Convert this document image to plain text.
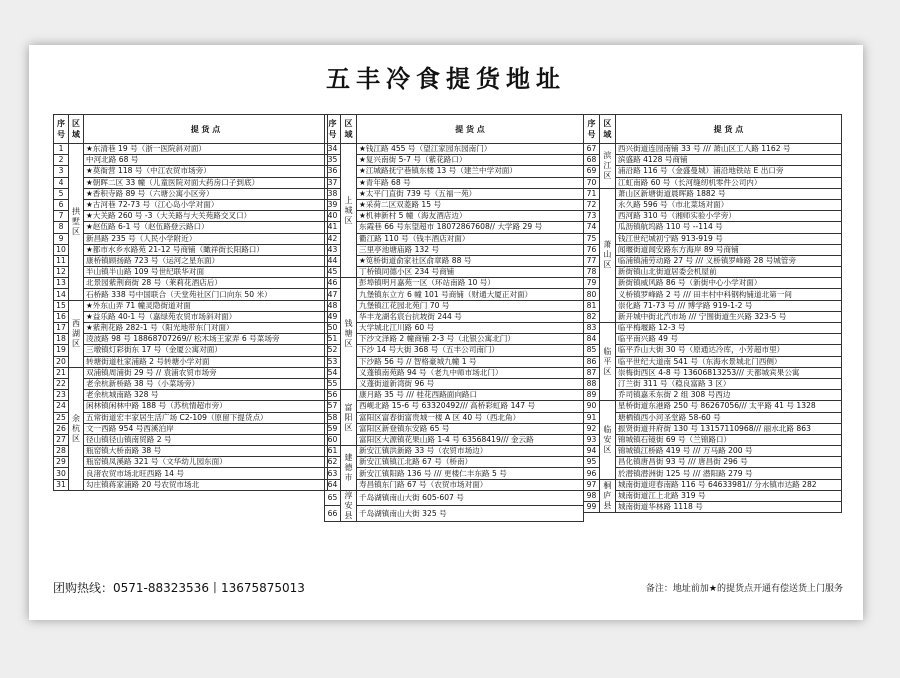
五丰冷食提货地址
序号	区域	提 货 点
1	拱墅区	★东清巷 19 号（浙一医院斜对面）
2		中河北路 68 号
3		★莫衙营 118 号（中江农贸市场旁）
4		★朝晖二区 33 幢（儿童医院对面大药房口子到底）
5		★香积寺路 89 号（六塘公寓小区旁）
6		★古河巷 72-73 号（江心岛小学对面）
7		★大关路 260 号 -3（大关路与大关苑路交叉口）
8		★赵伍路 6-1 号（赵伍路登云路口）
9		新昌路 235 号（人民小学附近）
10		★都市水乡水路苑 21-12 号商铺（瞰祥街长阳路口）
11		康桥镇顾扬路 723 号（运河之星东面）
12		半山镇半山路 109 号世纪联华对面
13		北景园紫荆商街 28 号（莱莉花酒店后）
14		石桥路 338 号中国联合（天堂苑社区门口向东 50 米）
15	西湖区	★外东山弄 71 幢灵隐街道对面
16		★益乐路 40-1 号（嘉绿苑农贸市场斜对面）
17		★紫荆花路 282-1 号（阳光地带东门对面）
18		凌波路 98 号 18868707269// 松木场王家弄 6 号菜场旁
19		三墩镇灯彩街东 17 号（金厦公寓对面）
20		转塘街道杜家浦路 2 号转塘小学对面
21	余杭区	双浦镇周浦街 29 号 // 袁浦农贸市场旁
22		老余杭新桥路 38 号（小菜场旁）
23		老余杭城南路 328 号
24		闲林镇闲林中路 188 号（苏杭情超市旁）
25		五常街道宏丰家居生活广场 C2-109（原留下提货点）
26		文一西路 954 号西溪泊岸
27		径山镇径山镇南贸路 2 号
28		瓶窑镇大桥南路 38 号
29		瓶窑镇凤溪路 321 号（文华幼儿园东面）
30		良渚农贸市场北旺西路 14 号
31		勾庄镇蒋家浦路 20 号农贸市场北
序号	区域	提 货 点
34	上城区	★钱江路 455 号（望江家园东园南门）
35		★复兴南街 5-7 号（紫花路口）
36		★江城路抚宁巷镇东楼 13 号（建兰中学对面）
37		★青年路 68 号
38		★太平门直街 739 号（五福一苑）
39		★采荷二区双菱路 15 号
40		★机神新村 5 幢（海友酒店边）
41		东霞巷 66 号东望超市 18072867608// 大学路 29 号
42		衢江路 110 号（钱丰酒店对面）
43		三里亭池塘庙路 132 号
44		★笕桥街道俞家社区俞章路 88 号
45		丁桥镇同德小区 234 号商铺
46	钱塘区	彭埠镇明月嘉苑一区（环站南路 10 号）
47		九堡镇东立方 6 幢 101 号商铺（财通大厦正对面）
48		九堡镇江花园北苑门 70 号
49		华丰龙湖名宸台抗坡街 244 号
50		大学城北江川路 60 号
51		下沙文泽路 2 幢商铺 2-3 号（北银公寓北门）
52		下沙 14 号大街 368 号（五丰公司南门）
53		下沙路 56 号 // 智格豪城九幢 1 号
54		义蓬镇南苑路 94 号（老九中师市场北门）
55		义蓬街道新湾街 96 号
56	富阳区	康月路 35 号 /// 桂花西路面向路口
57		西岘北路 15-6 号 63320492/// 高桥彩虹路 147 号
58		富阳区富春街富贵城一楼 A 区 40 号（西北角）
59		富阳区新登镇东安路 65 号
60		富阳区大源镇花果山路 1-4 号 63568419/// 金云路
61	建德市	新安江镇洪新路 33 号（农贸市场边）
62		新安江镇镇江北路 67 号（桥南）
63		新安江镇阳路 136 号 /// 更楼仁丰东路 5 号
64		寿昌镇东门路 67 号（农贸市场对面）
65	淳安县	千岛湖镇南山大街 605-607 号
66		千岛湖镇南山大街 325 号
序号	区域	提 货 点
67	滨江区	西兴街道连园南铺 33 号 /// 萧山区工人路 1162 号
68		滨盛路 4128 号商铺
69		浦沿路 116 号（金盛曼城）浦沿地铁站 E 出口旁
70		江虹南路 60 号（长河缝纫机零件公司内）
71	萧山区	萧山区新塘街道晨晖路 1882 号
72		永久路 596 号（市北菜场对面）
73		西河路 310 号（湘师实验小学旁）
74		瓜沥镇航坞路 110 号 --114 号
75		钱江世纪城初宁路 913-919 号
76		闻堰街道闻安路东方海岸 89 号商铺
77		临浦镇浦劳动路 27 号 /// 义桥镇罗峰路 28 号城管旁
78		新街镇山北街道居委会机屋前
79		新街镇威风路 86 号（新街中心小学对面）
80		义桥镇罗峰路 2 号 /// 田丰村中科钢构铺道北第一间
81		崇化路 71-73 号 /// 博学路 919-1-2 号
82		新开城中街北汽市场 /// 宁围街道生兴路 323-5 号
83	临平区	临平梅堰路 12-3 号
84		临平南兴路 49 号
85		临平乔山大街 30 号（原通达冷库，小芳超市里）
86		临平世纪大道南 541 号（东海水景城北门西侧）
87		崇梅街西区 4-8 号 13606813253/// 天都城宾果公寓
88		汀兰街 311 号（稳良富路 3 区）
89		乔司镇嘉禾东街 2 组 308 号西边
90	临安区	星桥街道东港路 250 号 86267056/// 太平路 41 号 1328
91		塘栖镇西小河圣堂路 58-60 号
92		振贤街道井府街 130 号 13157110968/// 丽水北路 863
93		锦城镇石镜街 69 号（兰锦路口）
94		锦城镇江桥路 419 号 /// 万马路 200 号
95		昌化镇唐昌街 93 号 /// 唐昌街 296 号
96		於潜镇潜洲街 125 号 /// 潜阳路 279 号
97	桐庐县	城南街道迎春南路 116 号 64633981// 分水镇市达路 282
98		城南街道江上北路 319 号
99		城南街道华林路 1118 号
团购热线：0571-88323536丨13675875013	备注：地址前加★的提货点开通有偿送货上门服务
